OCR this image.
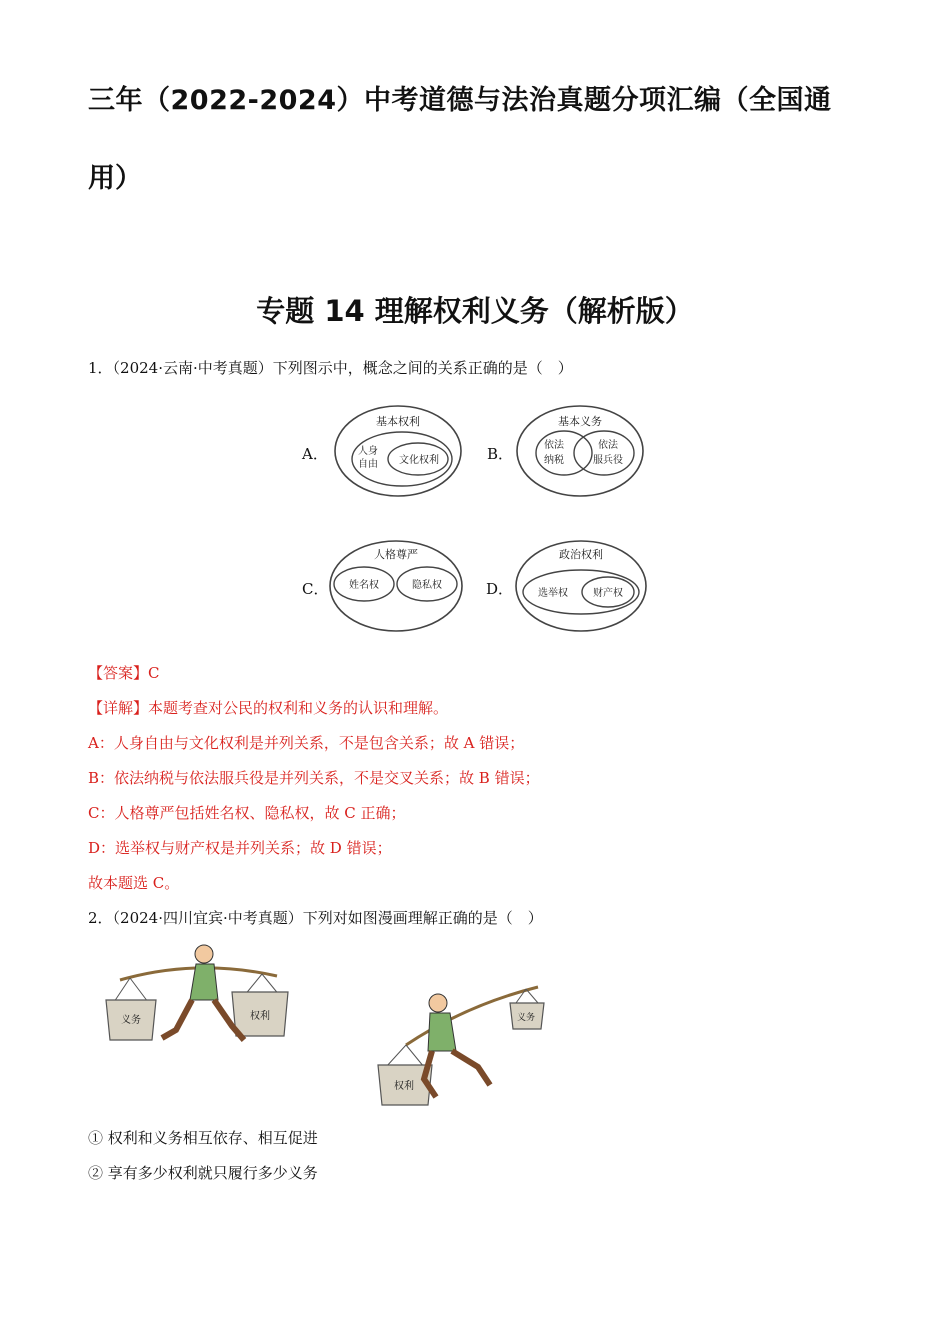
三年（2022-2024）中考道德与法治真题分项汇编（全国通
用）
专题 14 理解权利义务（解析版）
1．（2024·云南·中考真题）下列图示中，概念之间的关系正确的是（　）
A．
基本权利
人身
自由 文化权利	B．
基本义务
依法
纳税
依法
服兵役
C．
人格尊严
姓名权	隐私权	D．
政治权利
选举权	财产权
【答案】C
【详解】本题考查对公民的权利和义务的认识和理解。
A：人身自由与文化权利是并列关系，不是包含关系；故 A 错误；
B：依法纳税与依法服兵役是并列关系，不是交叉关系；故 B 错误；
C：人格尊严包括姓名权、隐私权，故 C 正确；
D：选举权与财产权是并列关系；故 D 错误；
故本题选 C。
2．（2024·四川宜宾·中考真题）下列对如图漫画理解正确的是（　）
义务	权利	义务
权利
① 权利和义务相互依存、相互促进
② 享有多少权利就只履行多少义务
